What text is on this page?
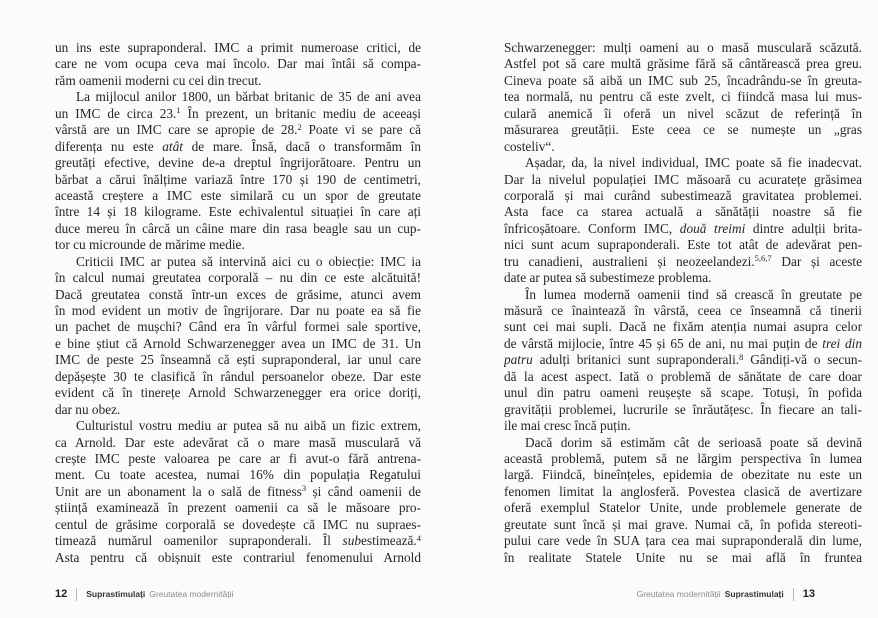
un ins este supraponderal. IMC a primit numeroase critici, de
care ne vom ocupa ceva mai încolo. Dar mai întâi să compa-
răm oamenii moderni cu cei din trecut.
La mijlocul anilor 1800, un bărbat britanic de 35 de ani avea
un IMC de circa 23.$^1$ În prezent, un britanic mediu de aceeași
vârstă are un IMC care se apropie de 28.$^2$ Poate vi se pare că
diferența nu este atât de mare. Însă, dacă o transformăm în
greutăți efective, devine de-a dreptul îngrijorătoare. Pentru un
bărbat a cărui înălțime variază între 170 și 190 de centimetri,
această creștere a IMC este similară cu un spor de greutate
între 14 și 18 kilograme. Este echivalentul situației în care ați
duce mereu în cârcă un câine mare din rasa beagle sau un cup-
tor cu microunde de mărime medie.
Criticii IMC ar putea să intervină aici cu o obiecție: IMC ia
în calcul numai greutatea corporală – nu din ce este alcătuită!
Dacă greutatea constă într-un exces de grăsime, atunci avem
în mod evident un motiv de îngrijorare. Dar nu poate ea să fie
un pachet de mușchi? Când era în vârful formei sale sportive,
e bine știut că Arnold Schwarzenegger avea un IMC de 31. Un
IMC de peste 25 înseamnă că ești supraponderal, iar unul care
depășește 30 te clasifică în rândul persoanelor obeze. Dar este
evident că în tinerețe Arnold Schwarzenegger era orice doriți,
dar nu obez.
Culturistul vostru mediu ar putea să nu aibă un fizic extrem,
ca Arnold. Dar este adevărat că o mare masă musculară vă
crește IMC peste valoarea pe care ar fi avut-o fără antrena-
ment. Cu toate acestea, numai 16% din populația Regatului
Unit are un abonament la o sală de fitness$^3$ și când oamenii de
știință examinează în prezent oamenii ca să le măsoare pro-
centul de grăsime corporală se dovedește că IMC nu supraes-
timează numărul oamenilor supraponderali. Îl subestimează.$^4$
Asta pentru că obișnuit este contrariul fenomenului Arnold
Schwarzenegger: mulți oameni au o masă musculară scăzută.
Astfel pot să care multă grăsime fără să cântărească prea greu.
Cineva poate să aibă un IMC sub 25, încadrându-se în greuta-
tea normală, nu pentru că este zvelt, ci fiindcă masa lui mus-
culară anemică îi oferă un nivel scăzut de referință în
măsurarea greutății. Este ceea ce se numește un „gras
costeliv“.
Așadar, da, la nivel individual, IMC poate să fie inadecvat.
Dar la nivelul populației IMC măsoară cu acuratețe grăsimea
corporală și mai curând subestimează gravitatea problemei.
Asta face ca starea actuală a sănătății noastre să fie
înfricoșătoare. Conform IMC, două treimi dintre adulții brita-
nici sunt acum supraponderali. Este tot atât de adevărat pen-
tru canadieni, australieni și neozeelandezi.$^{5,6,7}$ Dar și aceste
date ar putea să subestimeze problema.
În lumea modernă oamenii tind să crească în greutate pe
măsură ce înaintează în vârstă, ceea ce înseamnă că tinerii
sunt cei mai supli. Dacă ne fixăm atenția numai asupra celor
de vârstă mijlocie, între 45 și 65 de ani, nu mai puțin de trei din
patru adulți britanici sunt supraponderali.$^8$ Gândiți-vă o secun-
dă la acest aspect. Iată o problemă de sănătate de care doar
unul din patru oameni reușește să scape. Totuși, în pofida
gravității problemei, lucrurile se înrăutățesc. În fiecare an tali-
ile mai cresc încă puțin.
Dacă dorim să estimăm cât de serioasă poate să devină
această problemă, putem să ne lărgim perspectiva în lumea
largă. Fiindcă, bineînțeles, epidemia de obezitate nu este un
fenomen limitat la anglosferă. Povestea clasică de avertizare
oferă exemplul Statelor Unite, unde problemele generate de
greutate sunt încă și mai grave. Numai că, în pofida stereoti-
pului care vede în SUA țara cea mai supraponderală din lume,
în realitate Statele Unite nu se mai află în fruntea
12 Suprastimulați Greutatea modernității	Greutatea modernității Suprastimulați 13
